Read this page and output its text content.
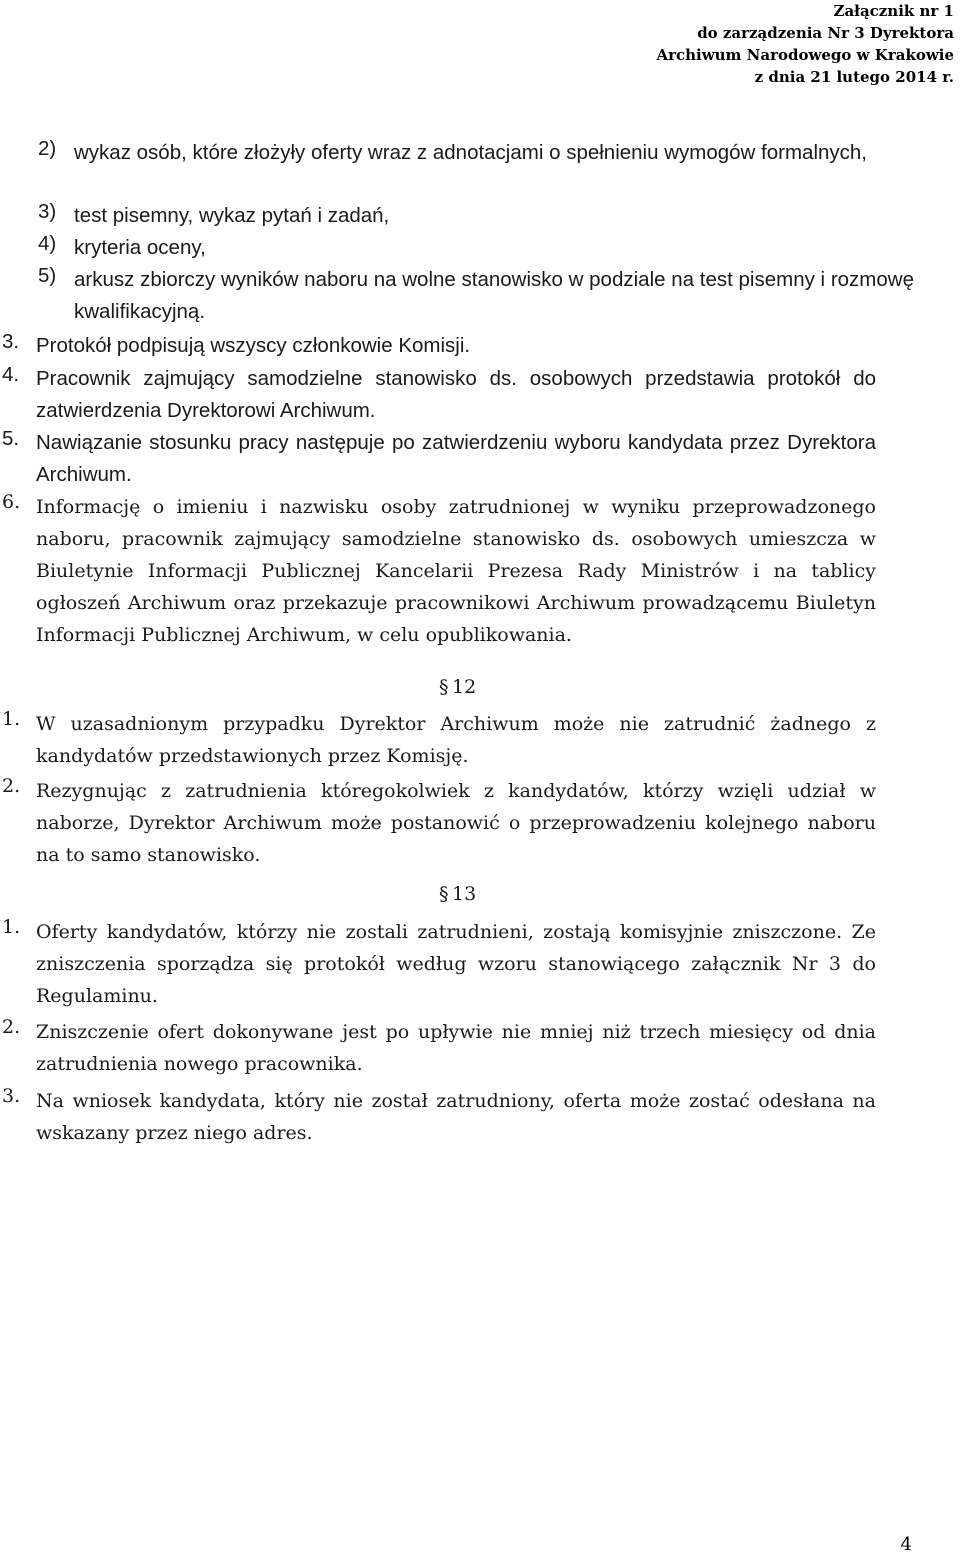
Załącznik nr 1
do zarządzenia Nr 3 Dyrektora
Archiwum Narodowego w Krakowie
z dnia 21 lutego 2014 r.
2) wykaz osób, które złożyły oferty wraz z adnotacjami o spełnieniu wymogów formalnych,
3) test pisemny, wykaz pytań i zadań,
4) kryteria oceny,
5) arkusz zbiorczy wyników naboru na wolne stanowisko w podziale na test pisemny i rozmowę kwalifikacyjną.
3. Protokół podpisują wszyscy członkowie Komisji.
4. Pracownik zajmujący samodzielne stanowisko ds. osobowych przedstawia protokół do zatwierdzenia Dyrektorowi Archiwum.
5. Nawiązanie stosunku pracy następuje po zatwierdzeniu wyboru kandydata przez Dyrektora Archiwum.
6. Informację o imieniu i nazwisku osoby zatrudnionej w wyniku przeprowadzonego naboru, pracownik zajmujący samodzielne stanowisko ds. osobowych umieszcza w Biuletynie Informacji Publicznej Kancelarii Prezesa Rady Ministrów i na tablicy ogłoszeń Archiwum oraz przekazuje pracownikowi Archiwum prowadzącemu Biuletyn Informacji Publicznej Archiwum, w celu opublikowania.
§ 12
1. W uzasadnionym przypadku Dyrektor Archiwum może nie zatrudnić żadnego z kandydatów przedstawionych przez Komisję.
2. Rezygnując z zatrudnienia któregokolwiek z kandydatów, którzy wzięli udział w naborze, Dyrektor Archiwum może postanowić o przeprowadzeniu kolejnego naboru na to samo stanowisko.
§ 13
1. Oferty kandydatów, którzy nie zostali zatrudnieni, zostają komisyjnie zniszczone. Ze zniszczenia sporządza się protokół według wzoru stanowiącego załącznik Nr 3 do Regulaminu.
2. Zniszczenie ofert dokonywane jest po upływie nie mniej niż trzech miesięcy od dnia zatrudnienia nowego pracownika.
3. Na wniosek kandydata, który nie został zatrudniony, oferta może zostać odesłana na wskazany przez niego adres.
4
